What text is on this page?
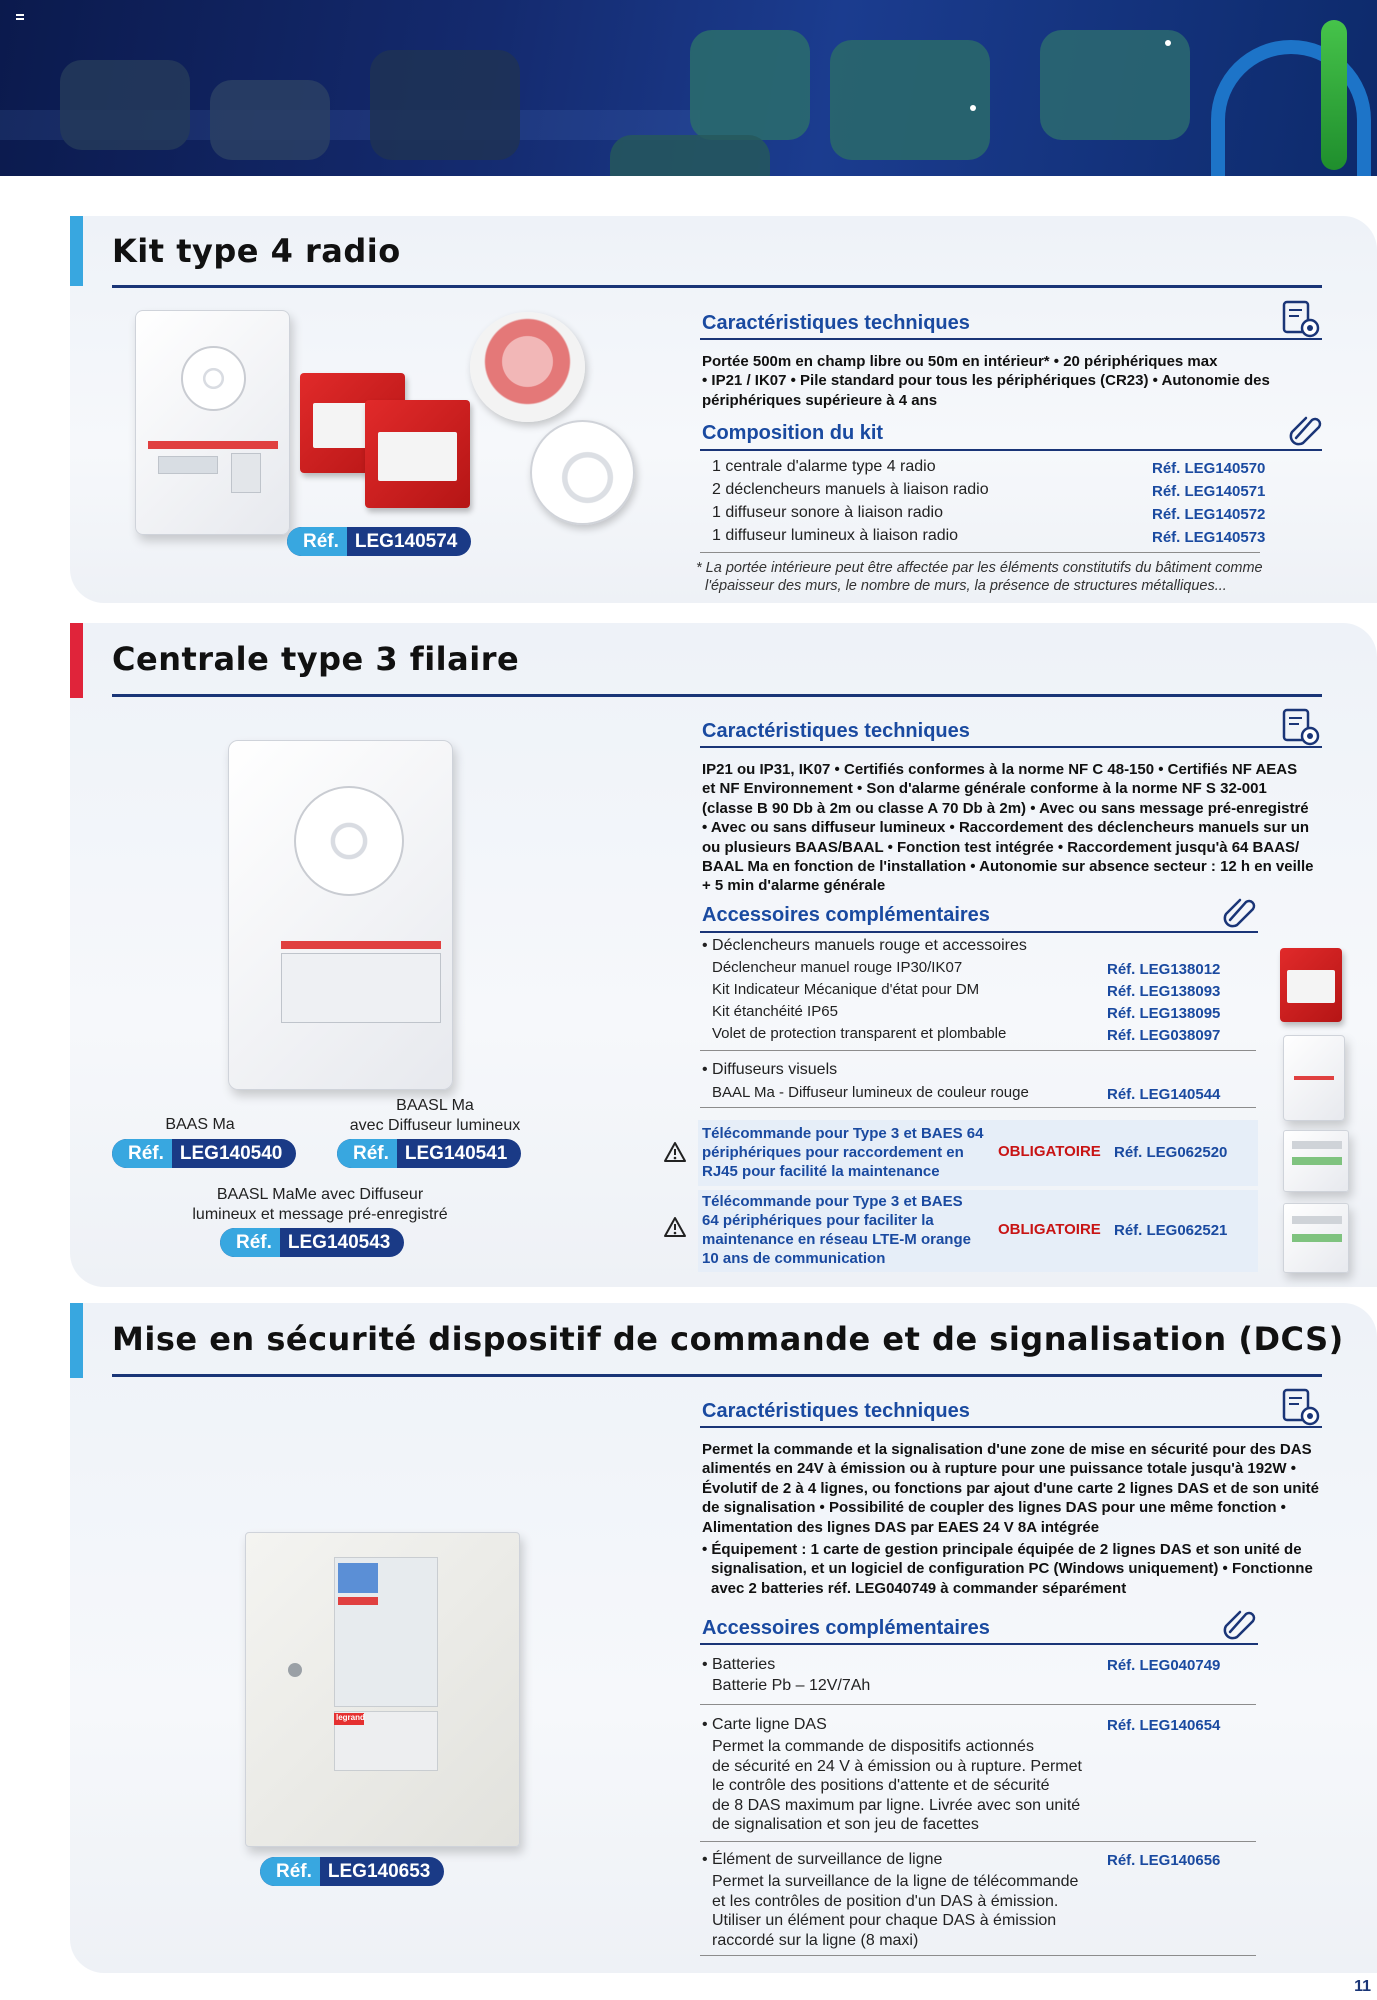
Kit type 4 radio
Réf. LEG140574
Caractéristiques techniques
Portée 500m en champ libre ou 50m en intérieur* • 20 périphériques max
• IP21 / IK07 • Pile standard pour tous les périphériques (CR23) • Autonomie des
périphériques supérieure à 4 ans
Composition du kit
1 centrale d'alarme type 4 radio	Réf. LEG140570
2 déclencheurs manuels à liaison radio	Réf. LEG140571
1 diffuseur sonore à liaison radio	Réf. LEG140572
1 diffuseur lumineux à liaison radio	Réf. LEG140573
* La portée intérieure peut être affectée par les éléments constitutifs du bâtiment comme
l'épaisseur des murs, le nombre de murs, la présence de structures métalliques...
Centrale type 3 filaire
BAAS Ma
Réf. LEG140540
BAASL Ma
avec Diffuseur lumineux
Réf. LEG140541
BAASL MaMe avec Diffuseur
lumineux et message pré-enregistré
Réf. LEG140543
Caractéristiques techniques
IP21 ou IP31, IK07 • Certifiés conformes à la norme NF C 48-150 • Certifiés NF AEAS
et NF Environnement • Son d'alarme générale conforme à la norme NF S 32-001
(classe B 90 Db à 2m ou classe A 70 Db à 2m) • Avec ou sans message pré-enregistré
• Avec ou sans diffuseur lumineux • Raccordement des déclencheurs manuels sur un
ou plusieurs BAAS/BAAL • Fonction test intégrée • Raccordement jusqu'à 64 BAAS/
BAAL Ma en fonction de l'installation • Autonomie sur absence secteur : 12 h en veille
+ 5 min d'alarme générale
Accessoires complémentaires
• Déclencheurs manuels rouge et accessoires
Déclencheur manuel rouge IP30/IK07	Réf. LEG138012
Kit Indicateur Mécanique d'état pour DM	Réf. LEG138093
Kit étanchéité IP65	Réf. LEG138095
Volet de protection transparent et plombable	Réf. LEG038097
• Diffuseurs visuels
BAAL Ma - Diffuseur lumineux de couleur rouge	Réf. LEG140544
Télécommande pour Type 3 et BAES 64
périphériques pour raccordement en
RJ45 pour facilité la maintenance
OBLIGATOIRE Réf. LEG062520
Télécommande pour Type 3 et BAES
64 périphériques pour faciliter la
maintenance en réseau LTE-M orange
10 ans de communication
OBLIGATOIRE Réf. LEG062521
Mise en sécurité dispositif de commande et de signalisation (DCS)
legrand
Réf. LEG140653
Caractéristiques techniques
Permet la commande et la signalisation d'une zone de mise en sécurité pour des DAS
alimentés en 24V à émission ou à rupture pour une puissance totale jusqu'à 192W •
Évolutif de 2 à 4 lignes, ou fonctions par ajout d'une carte 2 lignes DAS et de son unité
de signalisation • Possibilité de coupler des lignes DAS pour une même fonction •
Alimentation des lignes DAS par EAES 24 V 8A intégrée
• Équipement : 1 carte de gestion principale équipée de 2 lignes DAS et son unité de
signalisation, et un logiciel de configuration PC (Windows uniquement) • Fonctionne
avec 2 batteries réf. LEG040749 à commander séparément
Accessoires complémentaires
• Batteries
Batterie Pb – 12V/7Ah
Réf. LEG040749
• Carte ligne DAS
Permet la commande de dispositifs actionnés
de sécurité en 24 V à émission ou à rupture. Permet
le contrôle des positions d'attente et de sécurité
de 8 DAS maximum par ligne. Livrée avec son unité
de signalisation et son jeu de facettes
Réf. LEG140654
• Élément de surveillance de ligne
Permet la surveillance de la ligne de télécommande
et les contrôles de position d'un DAS à émission.
Utiliser un élément pour chaque DAS à émission
raccordé sur la ligne (8 maxi)
Réf. LEG140656
11
